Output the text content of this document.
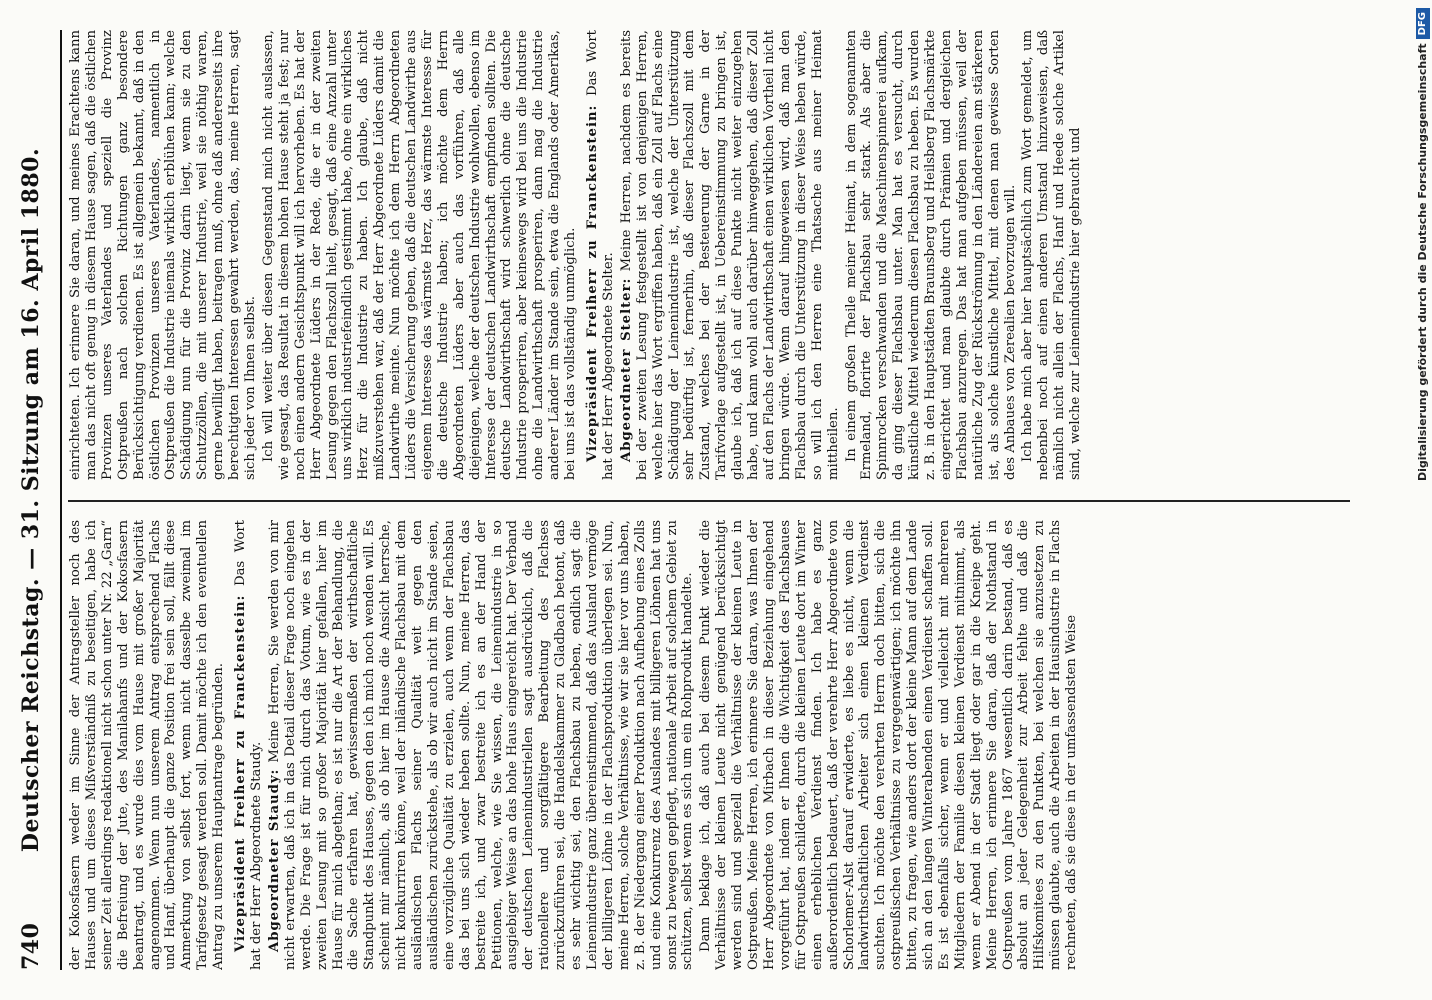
740
Deutscher Reichstag. — 31. Sitzung am 16. April 1880. der Kokosfasern weder im Sinne der Antragsteller noch des Hauses und um dieses Mißverständniß zu beseitigen, habe ich seiner Zeit allerdings redaktionell nicht schon unter Nr. 22 „Garn“ die Befreiung der Jute, des Manilahanfs und der Kokosfasern beantragt, und es wurde dies vom Hause mit großer Majorität angenommen. Wenn nun unserem Antrag entsprechend Flachs und Hanf, überhaupt die ganze Position frei sein soll, fällt diese Anmerkung von selbst fort, wenn nicht dasselbe zweimal im Tarifgesetz gesagt werden soll. Damit möchte ich den eventuellen Antrag zu unserem Hauptantrage begründen. Vizepräsident Freiherr zu Franckenstein: Das Wort hat der Herr Abgeordnete Staudy. Abgeordneter Staudy: Meine Herren, Sie werden von mir nicht erwarten, daß ich in das Detail dieser Frage noch eingehen werde. Die Frage ist für mich durch das Votum, wie es in der zweiten Lesung mit so großer Majorität hier gefallen, hier im Hause für mich abgethan; es ist nur die Art der Behandlung, die die Sache erfahren hat, gewissermaßen der wirthschaftliche Standpunkt des Hauses, gegen den ich mich noch wenden will. Es scheint mir nämlich, als ob hier im Hause die Ansicht herrsche, nicht konkurriren könne, weil der inländische Flachsbau mit dem ausländischen Flachs seiner Qualität weit gegen den ausländischen zurückstehe, als ob wir auch nicht im Stande seien, eine vorzügliche Qualität zu erzielen, auch wenn der Flachsbau das bei uns sich wieder heben sollte. Nun, meine Herren, das bestreite ich, und zwar bestreite ich es an der Hand der Petitionen, welche, wie Sie wissen, die Leinenindustrie in so ausgiebiger Weise an das hohe Haus eingereicht hat. Der Verband der deutschen Leinenindustriellen sagt ausdrücklich, daß die rationellere und sorgfältigere Bearbeitung des Flachses zurückzuführen sei, die Handelskammer zu Gladbach betont, daß es sehr wichtig sei, den Flachsbau zu heben, endlich sagt die Leinenindustrie ganz übereinstimmend, daß das Ausland vermöge der billigeren Löhne in der Flachsproduktion überlegen sei. Nun, meine Herren, solche Verhältnisse, wie wir sie hier vor uns haben, z. B. der Niedergang einer Produktion nach Aufhebung eines Zolls und eine Konkurrenz des Auslandes mit billigeren Löhnen hat uns sonst zu bewegen gepflegt, nationale Arbeit auf solchem Gebiet zu schützen, selbst wenn es sich um ein Rohprodukt handelte. Dann beklage ich, daß auch bei diesem Punkt wieder die Verhältnisse der kleinen Leute nicht genügend berücksichtigt werden sind und speziell die Verhältnisse der kleinen Leute in Ostpreußen. Meine Herren, ich erinnere Sie daran, was Ihnen der Herr Abgeordnete von Mirbach in dieser Beziehung eingehend vorgeführt hat, indem er Ihnen die Wichtigkeit des Flachsbaues für Ostpreußen schilderte, durch die kleinen Leute dort im Winter einen erheblichen Verdienst finden. Ich habe es ganz außerordentlich bedauert, daß der verehrte Herr Abgeordnete von Schorlemer-Alst darauf erwiderte, es liebe es nicht, wenn die landwirthschaftlichen Arbeiter sich einen kleinen Verdienst suchten. Ich möchte den verehrten Herrn doch bitten, sich die ostpreußischen Verhältnisse zu vergegenwärtigen; ich möchte ihn bitten, zu fragen, wie anders dort der kleine Mann auf dem Lande sich an den langen Winterabenden einen Verdienst schaffen soll. Es ist ebenfalls sicher, wenn er und vielleicht mit mehreren Mitgliedern der Familie diesen kleinen Verdienst mitnimmt, als wenn er Abend in der Stadt liegt oder gar in die Kneipe geht. Meine Herren, ich erinnere Sie daran, daß der Nothstand in Ostpreußen vom Jahre 1867 wesentlich darin bestand, daß es absolut an jeder Gelegenheit zur Arbeit fehlte und daß die Hilfskomitees zu den Punkten, bei welchen sie anzusetzen zu müssen glaubte, auch die Arbeiten in der Hausindustrie in Flachs rechneten, daß sie diese in der umfassendsten Weise

einrichteten. Ich erinnere Sie daran, und meines Erachtens kann man das nicht oft genug in diesem Hause sagen, daß die östlichen Provinzen unseres Vaterlandes und speziell die Provinz Ostpreußen nach solchen Richtungen ganz besondere Berücksichtigung verdienen. Es ist allgemein bekannt, daß in den östlichen Provinzen unseres Vaterlandes, namentlich in Ostpreußen die Industrie niemals wirklich erblühen kann; welche Schädigung nun für die Provinz darin liegt, wenn sie zu den Schutzzöllen, die mit unserer Industrie, weil sie nöthig waren, gerne bewilligt haben, beitragen muß, ohne daß andererseits ihre berechtigten Interessen gewahrt werden, das, meine Herren, sagt sich jeder von Ihnen selbst. Ich will weiter über diesen Gegenstand mich nicht auslassen, wie gesagt, das Resultat in diesem hohen Hause steht ja fest; nur noch einen andern Gesichtspunkt will ich hervorheben. Es hat der Herr Abgeordnete Lüders in der Rede, die er in der zweiten Lesung gegen den Flachszoll hielt, gesagt, daß eine Anzahl unter uns wirklich industriefeindlich gestimmt habe, ohne ein wirkliches Herz für die Industrie zu haben. Ich glaube, daß nicht mißzuverstehen war, daß der Herr Abgeordnete Lüders damit die Landwirthe meinte. Nun möchte ich dem Herrn Abgeordneten Lüders die Versicherung geben, daß die deutschen Landwirthe aus eigenem Interesse das wärmste Herz, das wärmste Interesse für die deutsche Industrie haben; ich möchte dem Herrn Abgeordneten Lüders aber auch das vorführen, daß alle diejenigen, welche der deutschen Industrie wohlwollen, ebenso im Interesse der deutschen Landwirthschaft empfinden sollten. Die deutsche Landwirthschaft wird schwerlich ohne die deutsche Industrie prosperiren, aber keineswegs wird bei uns die Industrie ohne die Landwirthschaft prosperiren, dann mag die Industrie anderer Länder im Stande sein, etwa die Englands oder Amerikas, bei uns ist das vollständig unmöglich. Vizepräsident Freiherr zu Franckenstein: Das Wort hat der Herr Abgeordnete Stelter. Abgeordneter Stelter: Meine Herren, nachdem es bereits bei der zweiten Lesung festgestellt ist von denjenigen Herren, welche hier das Wort ergriffen haben, daß ein Zoll auf Flachs eine Schädigung der Leinenindustrie ist, welche der Unterstützung sehr bedürftig ist, fernerhin, daß dieser Flachszoll mit dem Zustand, welches bei der Besteuerung der Garne in der Tarifvorlage aufgestellt ist, in Uebereinstimmung zu bringen ist, glaube ich, daß ich auf diese Punkte nicht weiter einzugehen habe, und kann wohl auch darüber hinweggehen, daß dieser Zoll auf den Flachs der Landwirthschaft einen wirklichen Vortheil nicht bringen würde. Wenn darauf hingewiesen wird, daß man den Flachsbau durch die Unterstützung in dieser Weise heben würde, so will ich den Herren eine Thatsache aus meiner Heimat mittheilen. In einem großen Theile meiner Heimat, in dem sogenannten Ermeland, florirte der Flachsbau sehr stark. Als aber die Spinnrocken verschwanden und die Maschinenspinnerei aufkam, da ging dieser Flachsbau unter. Man hat es versucht, durch künstliche Mittel wiederum diesen Flachsbau zu heben. Es wurden z. B. in den Hauptstädten Braunsberg und Heilsberg Flachsmärkte eingerichtet und man glaubte durch Prämien und dergleichen Flachsbau anzuregen. Das hat man aufgeben müssen, weil der natürliche Zug der Rückströmung in den Ländereien am stärkeren ist, als solche künstliche Mittel, mit denen man gewisse Sorten des Anbaues von Zerealien bevorzugen will. Ich habe mich aber hier hauptsächlich zum Wort gemeldet, um nebenbei noch auf einen anderen Umstand hinzuweisen, daß nämlich nicht allein der Flachs, Hanf und Heede solche Artikel sind, welche zur Leinenindustrie hier gebraucht und	Digitalisierung gefördert durch die Deutsche ForschungsgemeinschaftDFG
